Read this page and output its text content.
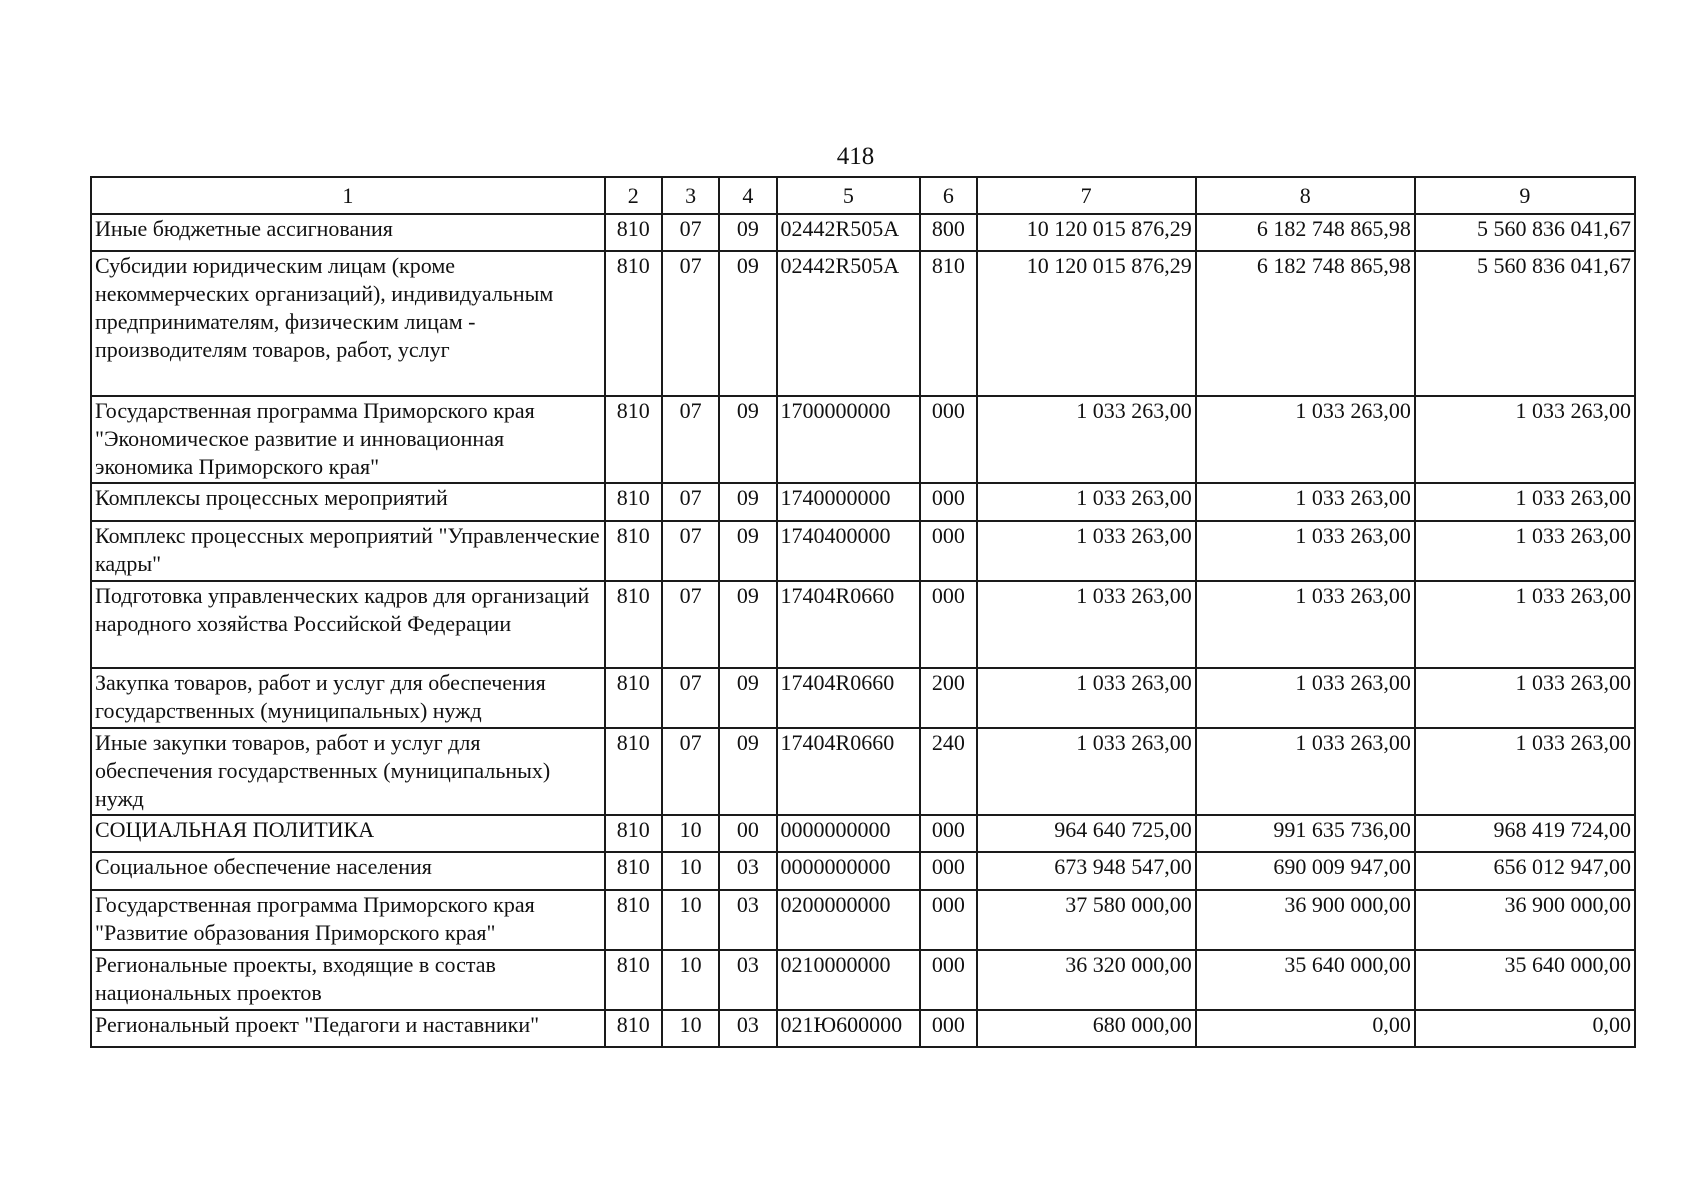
418
1	2	3	4	5	6	7	8	9
Иные бюджетные ассигнования	810	07	09	02442R505A	800	10 120 015 876,29	6 182 748 865,98	5 560 836 041,67
Субсидии юридическим лицам (кроме некоммерческих организаций), индивидуальным предпринимателям, физическим лицам - производителям товаров, работ, услуг	810	07	09	02442R505A	810	10 120 015 876,29	6 182 748 865,98	5 560 836 041,67
Государственная программа Приморского края "Экономическое развитие и инновационная экономика Приморского края"	810	07	09	1700000000	000	1 033 263,00	1 033 263,00	1 033 263,00
Комплексы процессных мероприятий	810	07	09	1740000000	000	1 033 263,00	1 033 263,00	1 033 263,00
Комплекс процессных мероприятий "Управленческие кадры"	810	07	09	1740400000	000	1 033 263,00	1 033 263,00	1 033 263,00
Подготовка управленческих кадров для организаций народного хозяйства Российской Федерации	810	07	09	17404R0660	000	1 033 263,00	1 033 263,00	1 033 263,00
Закупка товаров, работ и услуг для обеспечения государственных (муниципальных) нужд	810	07	09	17404R0660	200	1 033 263,00	1 033 263,00	1 033 263,00
Иные закупки товаров, работ и услуг для обеспечения государственных (муниципальных) нужд	810	07	09	17404R0660	240	1 033 263,00	1 033 263,00	1 033 263,00
СОЦИАЛЬНАЯ ПОЛИТИКА	810	10	00	0000000000	000	964 640 725,00	991 635 736,00	968 419 724,00
Социальное обеспечение населения	810	10	03	0000000000	000	673 948 547,00	690 009 947,00	656 012 947,00
Государственная программа Приморского края "Развитие образования Приморского края"	810	10	03	0200000000	000	37 580 000,00	36 900 000,00	36 900 000,00
Региональные проекты, входящие в состав национальных проектов	810	10	03	0210000000	000	36 320 000,00	35 640 000,00	35 640 000,00
Региональный проект "Педагоги и наставники"	810	10	03	021Ю600000	000	680 000,00	0,00	0,00
